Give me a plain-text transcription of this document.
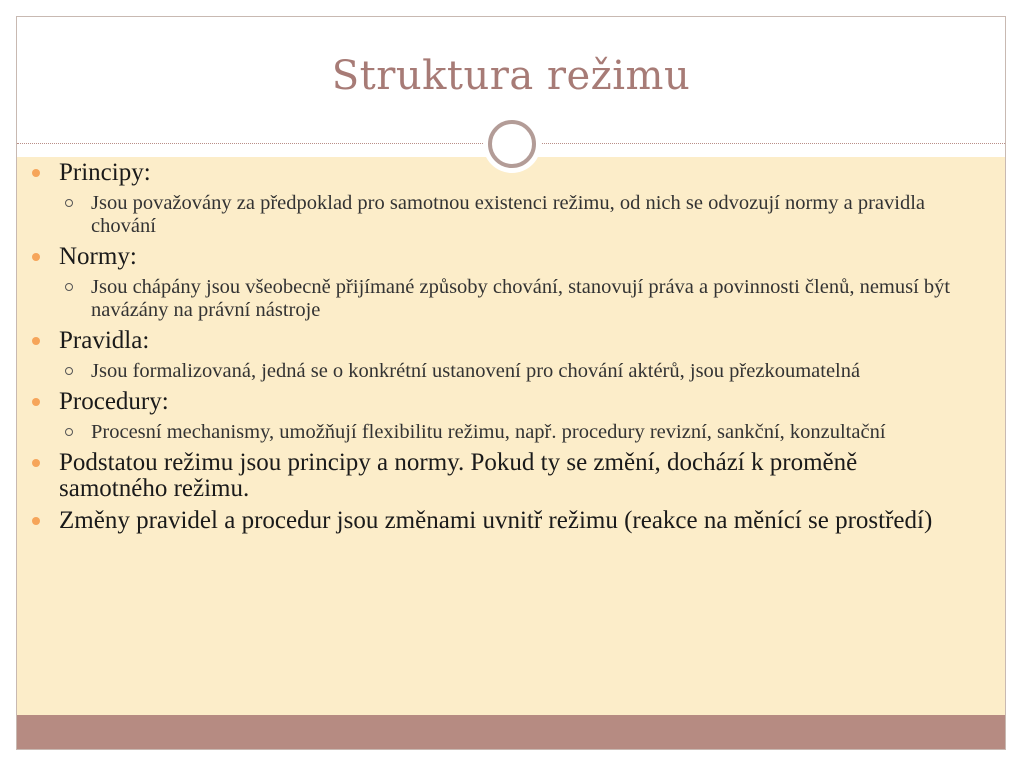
Struktura režimu
Principy:
Jsou považovány za předpoklad pro samotnou existenci režimu, od nich se odvozují normy a pravidla chování
Normy:
Jsou chápány jsou všeobecně přijímané způsoby chování, stanovují práva a povinnosti členů, nemusí být navázány na právní nástroje
Pravidla:
Jsou formalizovaná, jedná se o konkrétní ustanovení pro chování aktérů, jsou přezkoumatelná
Procedury:
Procesní mechanismy, umožňují flexibilitu režimu, např. procedury revizní, sankční, konzultační
Podstatou režimu jsou principy a normy. Pokud ty se změní, dochází k proměně samotného režimu.
Změny pravidel a procedur jsou změnami uvnitř režimu (reakce na měnící se prostředí)
